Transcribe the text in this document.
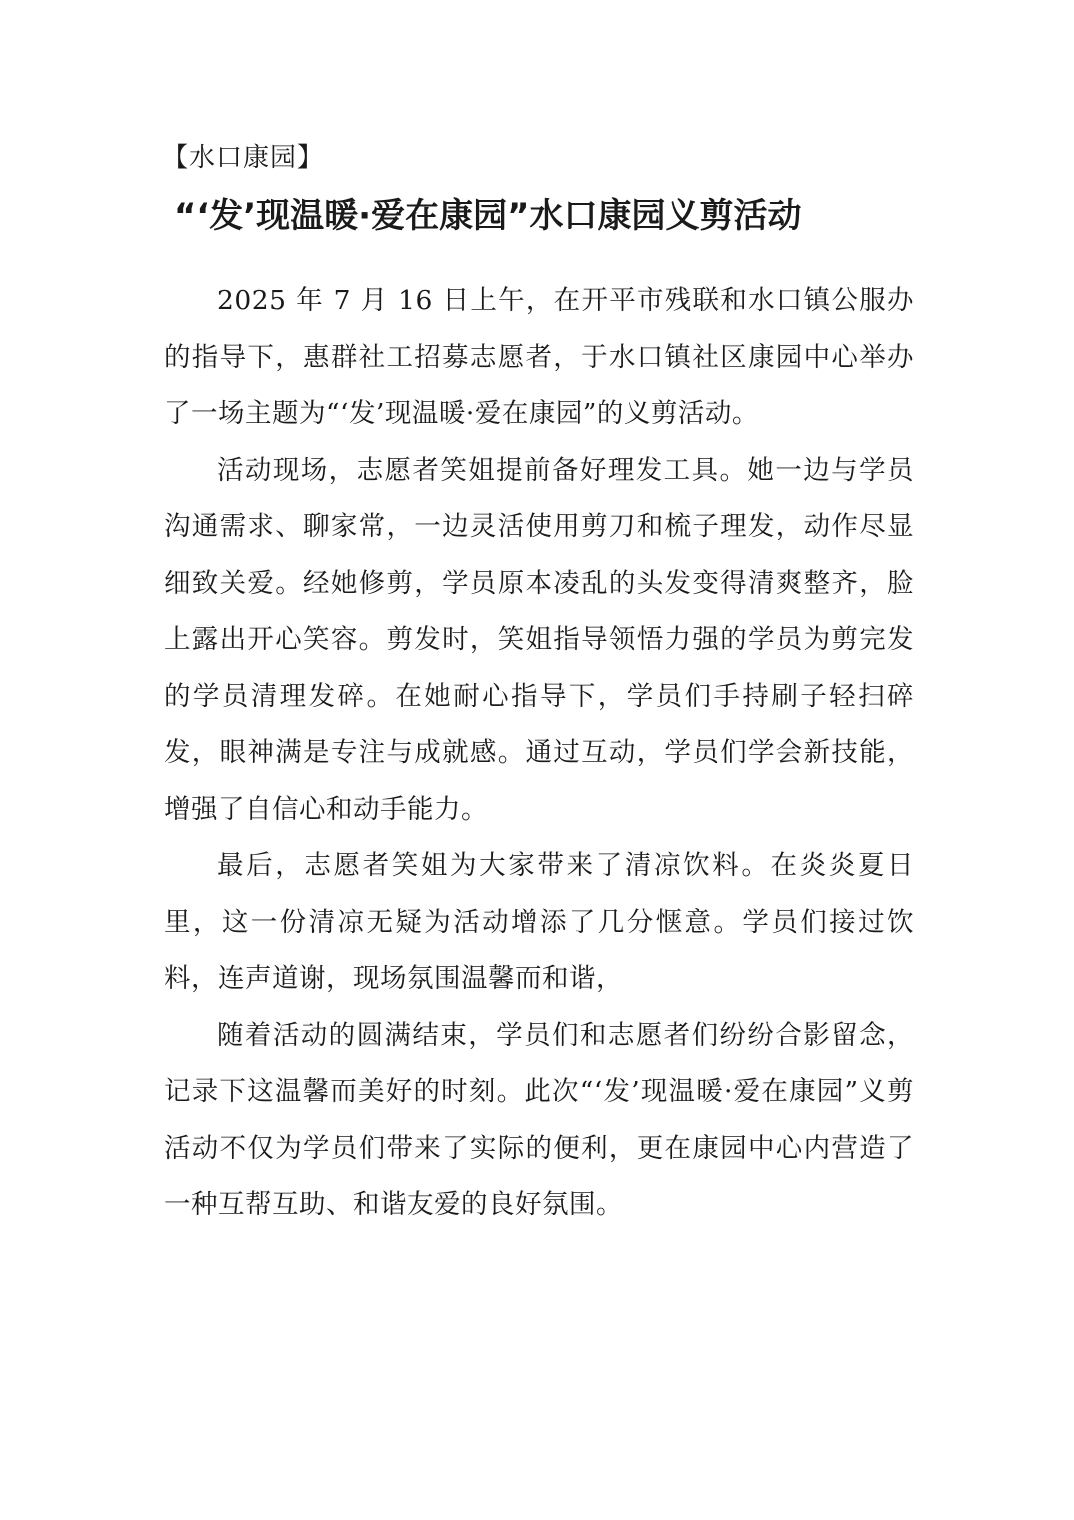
【水口康园】
“‘发’现温暖·爱在康园”水口康园义剪活动

2025 年 7 月 16 日上午，在开平市残联和水口镇公服办的指导下，惠群社工招募志愿者，于水口镇社区康园中心举办了一场主题为“‘发’现温暖·爱在康园”的义剪活动。

活动现场，志愿者笑姐提前备好理发工具。她一边与学员沟通需求、聊家常，一边灵活使用剪刀和梳子理发，动作尽显细致关爱。经她修剪，学员原本凌乱的头发变得清爽整齐，脸上露出开心笑容。剪发时，笑姐指导领悟力强的学员为剪完发的学员清理发碎。在她耐心指导下，学员们手持刷子轻扫碎发，眼神满是专注与成就感。通过互动，学员们学会新技能，增强了自信心和动手能力。

最后，志愿者笑姐为大家带来了清凉饮料。在炎炎夏日里，这一份清凉无疑为活动增添了几分惬意。学员们接过饮料，连声道谢，现场氛围温馨而和谐，

随着活动的圆满结束，学员们和志愿者们纷纷合影留念，记录下这温馨而美好的时刻。此次“‘发’现温暖·爱在康园”义剪活动不仅为学员们带来了实际的便利，更在康园中心内营造了一种互帮互助、和谐友爱的良好氛围。
